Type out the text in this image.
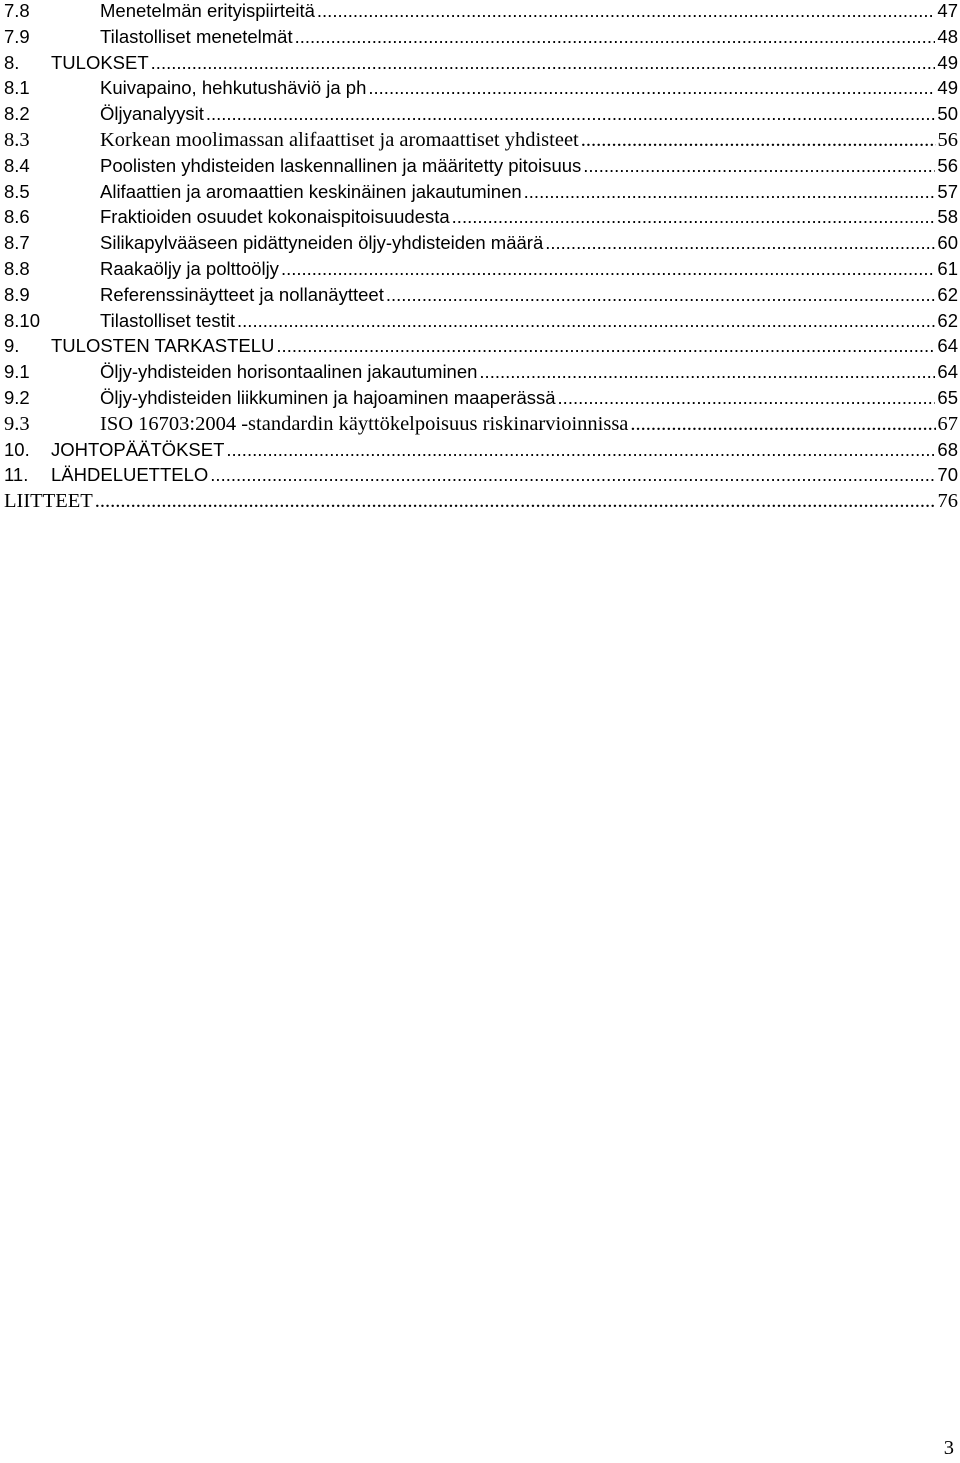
7.8	Menetelmän erityispiirteitä .....	47
7.9	Tilastolliset menetelmät .....	48
8.	TULOKSET .....	49
8.1	Kuivapaino, hehkutushäviö ja ph .....	49
8.2	Öljyanalyysit .....	50
8.3	Korkean moolimassan alifaattiset ja aromaattiset yhdisteet .....	56
8.4	Poolisten yhdisteiden laskennallinen ja määritetty pitoisuus .....	56
8.5	Alifaattien ja aromaattien keskinäinen jakautuminen .....	57
8.6	Fraktioiden osuudet kokonaispitoisuudesta .....	58
8.7	Silikapylvääseen pidättyneiden öljy-yhdisteiden määrä .....	60
8.8	Raakaöljy ja polttoöljy .....	61
8.9	Referenssinäytteet ja nollanäytteet .....	62
8.10	Tilastolliset testit .....	62
9.	TULOSTEN TARKASTELU .....	64
9.1	Öljy-yhdisteiden horisontaalinen jakautuminen .....	64
9.2	Öljy-yhdisteiden liikkuminen ja hajoaminen maaperässä .....	65
9.3	ISO 16703:2004 -standardin käyttökelpoisuus riskinarvioinnissa .....	67
10.	JOHTOPÄÄTÖKSET .....	68
11.	LÄHDELUETTELO .....	70
LIITTEET .....	76
3
